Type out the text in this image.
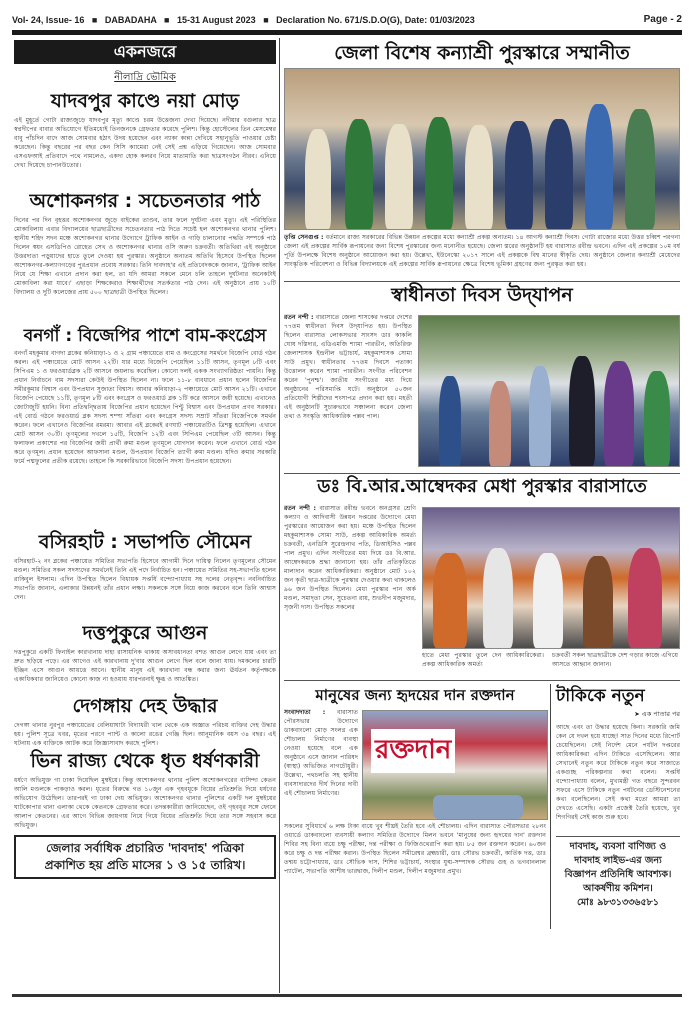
Vol- 24, Issue- 16 ■ DABADAHA ■ 15-31 August 2023 ■ Declaration No. 671/S.D.O(G), Date: 01/03/2023	Page - 2
একনজরে
নীলাদ্রি ভৌমিক
যাদবপুর কাণ্ডে নয়া মোড়
এই মুহূর্তে গোটা রাজ্যজুড়ে যাদবপুর মৃত্যু কাণ্ডে চরম উত্তেজনা দেখা দিয়েছে। নদীয়ার বগুলার ছাত্র স্বপ্নদীপের বাবার অভিযোগে ইতিমধ্যেই তিনজনকে গ্রেফতার করেছে পুলিশ। কিন্তু হোস্টেলের তিন মেসমেম্বর বাবু পাঁচদিন বাদে আজ সোমবার হঠাৎ উদয় হয়েছেন এবং ন্যাকা কান্না দেখিয়ে সহানুভূতি পাওয়ার চেষ্টা করেছেন। কিন্তু বছরের পর বছর কেন সিসি ক্যামেরা নেই সেই প্রশ্ন এড়িয়ে গিয়েছেন। আজ সোমবার এসএফআই প্রতিবাদে পথে নামলেও, একদা হোক কলরব নিয়ে মাতামাতি করা ছাত্রসংগঠন নীরব। এনিয়ে দেখা দিয়েছে চাপানউতোর।
অশোকনগর : সচেতনতার পাঠ
দিনের পর দিন বৃহত্তর অশোকনগর জুড়ে বাইকের তাণ্ডব, তার ফলে দুর্ঘটনা এবং মৃত্যু। এই পরিস্থিতির মোকাবিলায় এবার বিদ্যালয়ের ছাত্রছাত্রীদের সচেতনতার পাঠ দিতে সচেষ্ট হল অশোকনগর থানার পুলিশ। স্থানীয় শহিদ সদন মঞ্চে অশোকনগর থানার উদ্যোগে ট্রাফিক আইন ও গাড়ি চালানোর পদ্ধতি সম্পর্কে পাঠ দিলেন স্বয়ং এসডিপিও রোহেত সেখ ও অশোকনগর থানার ওসি অরুণ চক্রবর্তী। অতিথিরা এই অনুষ্ঠানে উত্তরদাতা পড়ুয়াদের হাতে তুলে দেওয়া হয় পুরস্কার। অনুষ্ঠানে অন্যতম অতিথি হিসেবে উপস্থিত ছিলেন অশোকনগর-কল্যাণগড়ের পুরপ্রধান প্রবোধ সরকার। তিনি দাবদাহ'র এই প্রতিবেদককে জানান, 'ট্রাফিক আইন নিয়ে যে শিক্ষা এখানে প্রদান করা হল, তা যদি আমরা সকলে মেনে চলি তাহলে দুর্ঘটনার অনেকটাই মোকাবিলা করা যাবে।' এছাড়া শিক্ষকেরাও শিক্ষার্থীদের সতর্কতার পাঠ দেন। এই অনুষ্ঠানে প্রায় ১০টি বিদ্যালয় ও দুটি কলেজের প্রায় ৫০০ ছাত্রছাত্রী উপস্থিত ছিলেন।
বনগাঁ : বিজেপির পাশে বাম-কংগ্রেস
বনগাঁ মহকুমার বাগদা ব্লকের কনিয়াড়া-১ ও ২ গ্রাম পঞ্চায়েতে বাম ও কংগ্রেসের সমর্থনে বিজেপি বোর্ড গঠন করল। এই পঞ্চায়েতে মোট আসন ২২টি। যার মধ্যে বিজেপি পেয়েছিল ১১টি আসন, তৃণমূল ৮টি এবং সিপিএম ১ ও ফরওয়ার্ডব্লক ২টি আসনে জয়লাভ করেছিল। কোনো দলই একক সংখ্যাগরিষ্ঠতা পায়নি। কিন্তু প্রধান নির্বাচনে বাম সদস্যরা কেউই উপস্থিত ছিলেন না। ফলে ১১-৮ ব্যবধানে প্রধান হলেন বিজেপির সমীরকুমার বিশ্বাস এবং উপপ্রধান সুজাতা বিশ্বাস। আবার কনিয়াড়া-২ পঞ্চায়েতে মোট আসন ২১টি। এখানে বিজেপি পেয়েছে ১১টি, তৃণমূল ৮টি এবং কংগ্রেস ও ফরওয়ার্ড ব্লক ১টি করে আসনে জয়ী হয়েছে। এখানেও জোটাজুটি হয়নি। বিনা প্রতিদ্বন্দ্বিতায় বিজেপির প্রধান হয়েছেন পিন্টু বিশ্বাস এবং উপপ্রধান প্রণব সরকার। এই বোর্ড গঠনে ফরওয়ার্ড ব্লক সদস্য শম্পা সাঁতরা এবং কংগ্রেস সদস্য সম্রাট সাঁতরা বিজেপিকে সমর্থন করেন। ফলে এখানেও বিজেপির রমরমা। আবার এই ব্লকেরই রণঘাট পঞ্চায়েতটিও ত্রিশঙ্কু হয়েছিল। এখানে মোট আসন ৩০টি। তৃণমূলের দখলে ১৫টি, বিজেপি ১২টি এবং সিপিএম পেয়েছিল ৩টি আসন। কিন্তু ফলাফল প্রকাশের পর বিজেপির জয়ী প্রার্থী রুমা মণ্ডল তৃণমূলে যোগদান করেন। ফলে এখানে বোর্ড গঠন করে তৃণমূল। প্রধান হয়েছেন আফসানা মণ্ডল, উপপ্রধান বিজেপি ত্যাগী রুমা মণ্ডল। যদিও রুমার সরকারি ফর্মে পদ্মফুলের প্রতীক রয়েছে। তাহলে কি সরকারিভাবে বিজেপি সদস্য উপপ্রধান হয়েছেন।
বসিরহাট : সভাপতি সৌমেন
বসিরহাট-২ নং ব্লকের পঞ্চায়েত সমিতির সভাপতি হিসেবে আগামী দিনে দায়িত্ব নিলেন তৃণমূলের সৌমেন মণ্ডল। সমিতির সকল সদস্যদের সমর্থনেই তিনি এই পদে নির্বাচিত হন। পঞ্চায়েত সমিতির সহ-সভাপতি হলেন রাকিবুল ইসলাম। এদিন উপস্থিত ছিলেন বিধায়ক সপ্তর্ষি বন্দ্যোপাধ্যায় সহ দলের নেতৃবৃন্দ। নবনির্বাচিত সভাপতি জানান, এলাকার উন্নয়নই তাঁর প্রধান লক্ষ্য। সকলকে সঙ্গে নিয়ে কাজ করবেন বলে তিনি আশ্বাস দেন।
দত্তপুকুরে আগুন
দত্তপুকুরে একটি ফিনাইল কারখানায় দাহ্য রাসায়নিক থাকায় অসাবধানতা বশত আগুন লেগে যায় এবং তা দ্রুত ছড়িয়ে পড়ে। এর আগেও এই কারখানায় দু'বার আগুন লেগে ছিল বলে জানা যায়। দমকলের চারটি ইঞ্জিন এসে আগুন আয়ত্তে আনে। স্থানীয় মানুষ এই কারখানা বন্ধ করার জন্য ঊর্ধতন কর্তৃপক্ষকে একাধিকবার জানিয়েও কোনো কাজ না হওয়ায় যারপরনাই ক্ষুব্ধ ও আতঙ্কিত।
দেগঙ্গায় দেহ উদ্ধার
দেগঙ্গা থানার নুরপুর পঞ্চায়েতের বেলিয়াঘাটা বিদ্যাধরী খাল থেকে এক অজ্ঞাত পরিচয় ব্যক্তির দেহ উদ্ধার হয়। পুলিশ সূত্রে খবর, মৃতের পরণে প্যান্ট ও কালো রঙের গেঞ্জি ছিল। আনুমানিক বয়স ৩৪ বছর। এই ঘটনায় এক ব্যক্তিকে আটক করে জিজ্ঞাসাবাদ করছে পুলিশ।
ভিন রাজ্য থেকে ধৃত ধর্ষণকারী
ধর্ষণে অভিযুক্ত গা ঢাকা দিয়েছিল মুম্বইয়ে। কিন্তু অশোকনগর থানার পুলিশ অশোকনগরের বাসিন্দা কেতন আলি মণ্ডলকে পাকড়াও করল। ধৃতের বিরুদ্ধে গত ১০জুন এক গৃহবধূকে বিয়ের প্রতিশ্রুতি দিয়ে ধর্ষণের অভিযোগ উঠেছিল। তারপরই গা ঢাকা দেয় অভিযুক্ত। অশোকনগর থানার পুলিশের একটি দল মুম্বইয়ের ঘাটকোপার থানা এলাকা থেকে কেতনকে গ্রেফতার করে। তদন্তকারীরা জানিয়েছেন, ওই গৃহবধূর সঙ্গে ফোনে আলাপ কেতনের। এর আগে বিভিন্ন জায়গায় নিয়ে গিয়ে বিয়ের প্রতিশ্রুতি দিয়ে তার সঙ্গে সহবাস করে অভিযুক্ত।
জেলার সর্বাধিক প্রচারিত 'দাবদাহ' পত্রিকা
প্রকাশিত হয় প্রতি মাসের ১ ও ১৫ তারিখ।
জেলা বিশেষ কন্যাশ্রী পুরস্কারে সম্মানীত
তৃপ্তি সেনগুপ্ত : বর্তমানে রাজ্য সরকারের বিভিন্ন উন্নয়ন প্রকল্পের মধ্যে কন্যাশ্রী প্রকল্প অন্যতম। ১৪ আগস্ট কন্যাশ্রী দিবস। গোটা রাজ্যের মধ্যে উত্তর চব্বিশ পরগনা জেলা এই প্রকল্পের সার্বিক রূপায়নের জন্য বিশেষ পুরস্কারের জন্য মনোনীত হয়েছে। জেলা স্তরের অনুষ্ঠানটি হয় বারাসাত রবীন্দ্র ভবনে। এদিন এই প্রকল্পের ১০ম বর্ষ পূর্তি উপলক্ষে বিশেষ অনুষ্ঠানে আয়োজন করা হয়। উল্লেখ্য, ইউনেস্কো ২০১৭ সালে এই প্রকল্পকে বিশ্ব মানের স্বীকৃতি দেয়। অনুষ্ঠানে জেলার কন্যাশ্রী মেয়েদের সাংস্কৃতিক পরিবেশনা ও বিভিন্ন বিদ্যালয়কে এই প্রকল্পের সার্বিক রূপায়নের ক্ষেত্রে বিশেষ ভূমিকা গ্রহণের জন্য পুরস্কৃত করা হয়।
স্বাধীনতা দিবস উদ্‌যাপন
রতন নন্দী : বারাসাতে জেলা শাসকের দপ্তরে দেশের ৭৭তম স্বাধীনতা দিবস উদ্‌যাপিত হয়। উপস্থিত ছিলেন বারাসাত লোকসভার সাংসদ ডাঃ কাকলি ঘোষ দস্তিদার, এডিএমজি শ্যামা পারভীন, অতিরিক্ত জেলাশাসক ইন্দ্রনীল ভট্টাচার্য, মহকুমাশাসক সোমা সাউ প্রমুখ। স্বাধীনতার ৭৭তম দিবসে পতাকা উত্তোলন করেন শ্যামা পারভীন। সংগীত পরিবেশন করেন 'পুনশ্চ'। জাতীয় সংগীতের মধ্য দিয়ে অনুষ্ঠানের পরিসমাপ্তি ঘটে। অনুষ্ঠানে ৫০জন প্রতিযোগী শিল্পীদের শংসাপত্র প্রদান করা হয়। মহতী এই অনুষ্ঠানটি সুচারুভাবে সঞ্চালনা করেন জেলা তথ্য ও সংস্কৃতি আধিকারিক পল্লব পাল।
ডঃ বি.আর.আম্বেদকর মেধা পুরস্কার বারাসাতে
রতন নন্দী : বারাসাত রবীন্দ্র ভবনে অনগ্রসর শ্রেণি কল্যাণ ও আদিবাসী উন্নয়ন দপ্তরের উদ্যোগে মেধা পুরস্কারের আয়োজন করা হয়। মঞ্চে উপস্থিত ছিলেন মহকুমাশাসক সোমা সাউ, প্রকল্প আধিকারিক অমর্ত্য চক্রবর্তী, এনডিসি সুরেন্দ্রনাথ পতি, ডিআইসিও পল্লব পাল প্রমুখ। এদিন সংগীতের মধ্য দিয়ে ডঃ বি.আর. আম্বেদকরকে শ্রদ্ধা জানানো হয়। তাঁর প্রতিকৃতিতে মাল্যদান করেন আধিকারিকরা। অনুষ্ঠানে মোট ১০২ জন কৃতী ছাত্র-ছাত্রীকে পুরস্কার দেওয়ার কথা থাকলেও ৯৬ জন উপস্থিত ছিলেন। মেধা পুরস্কার পান অর্ক মণ্ডল, সমাদৃতা সেন, সুচেতনা রায়, শুভদীপ মজুমদার, সৃজনী দাস। উপস্থিত সকলের
হাতে মেধা পুরস্কার তুলে দেন আধিকারিকেরা। প্রকল্প আধিকারিক অমর্ত্য
চক্রবর্তী সকল ছাত্রছাত্রীকে দেশ গড়ার কাজে এগিয়ে আসতে আহ্বান জানান।
মানুষের জন্য হৃদয়ের দান রক্তদান
সংবাদদাতা : বারাসাত পৌরসভার উদ্যোগে ডাকবাংলো মোড় সংলগ্ন এক শৌচালয় নির্মাণের ব্যবস্থা নেওয়া হয়েছে বলে এক অনুষ্ঠানে এসে জানান পারিষদ (স্বাস্থ্য) অভিজিত নাগচৌধুরী। উল্লেখ্য, পথচলতি সহ স্থানীয় ব্যবসাদারদের দীর্ঘ দিনের দাবী এই শৌচালয় নির্মাণের।
রক্তদান
সকলের সুবিধার্থে ৬ লক্ষ টাকা ব্যয়ে খুব শীঘ্রই তৈরি হবে এই শৌচালয়। এদিন বারাসাত পৌরসভার ২৮নং ওয়ার্ডে ডাকবাংলো ব্যবসায়ী কল্যাণ সমিতির উদ্যোগে মিলন ভবনে 'মানুষের জন্য হৃদয়ের দান' রক্তদান শিবির সহ বিনা ব্যয়ে চক্ষু পরীক্ষা, দন্ত পরীক্ষা ও ফিজিওথেরাপি করা হয়। ৮৫ জন রক্তদান করেন। ৬০জন করে চক্ষু ও দন্ত পরীক্ষা করান। উপস্থিত ছিলেন সমীরেশ্বর ব্রহ্মচারী, ডাঃ সৌরভ চক্রবর্তী, কার্তিক দত্ত, ডাঃ তন্ময় চট্টোপাধ্যায়, ডাঃ সৌভিক দাস, শিশির ভট্টাচার্য, সংস্থার যুগ্ম-সম্পাদক সৌরভ গুহ ও ভগবানলাল প্যাটেল, সভাপতি আশীষ ভারদ্বাজ, দিলীপ মণ্ডল, দিলীপ মজুমদার প্রমুখ।
টাকিকে নতুন
➤ এক পাতার পর
আছে এবং তা উদ্ধার হয়েছে কিনা। সরকারি জমি কেন যে দখল হয়ে যাচ্ছে! সাত দিনের মধ্যে রিপোর্ট চেয়েছিলেন। সেই নির্দেশ মেনে পর্যটন দপ্তরের আধিকারিকরা এদিন টাকিতে এসেছিলেন। আর সেখানেই নতুন করে টাকিকে নতুন করে সাজাতে একগুচ্ছ পরিকল্পনার কথা বলেন। সপ্তর্ষি বন্দ্যোপাধ্যায় বলেন, মুখ্যমন্ত্রী গত বছরে সুন্দরবন সফরে এসে টাকিকে নতুন পর্যটনের ডেস্টিনেশনের কথা বলেছিলেন। সেই কথা মতো আমরা তা দেখতে এসেছি। একটা প্রজেক্ট তৈরি হয়েছে, খুব শিগগিরই সেই কাজ শুরু হবে।
দাবদাহ, ব্যবসা বাণিজ্য ও
দাবদাহ লাইভ-এর জন্য
বিজ্ঞাপন প্রতিনিধি আবশ্যক।
আকর্ষণীয় কমিশন।
মোঃ ৯৮৩১৩৩৬৫৮১
